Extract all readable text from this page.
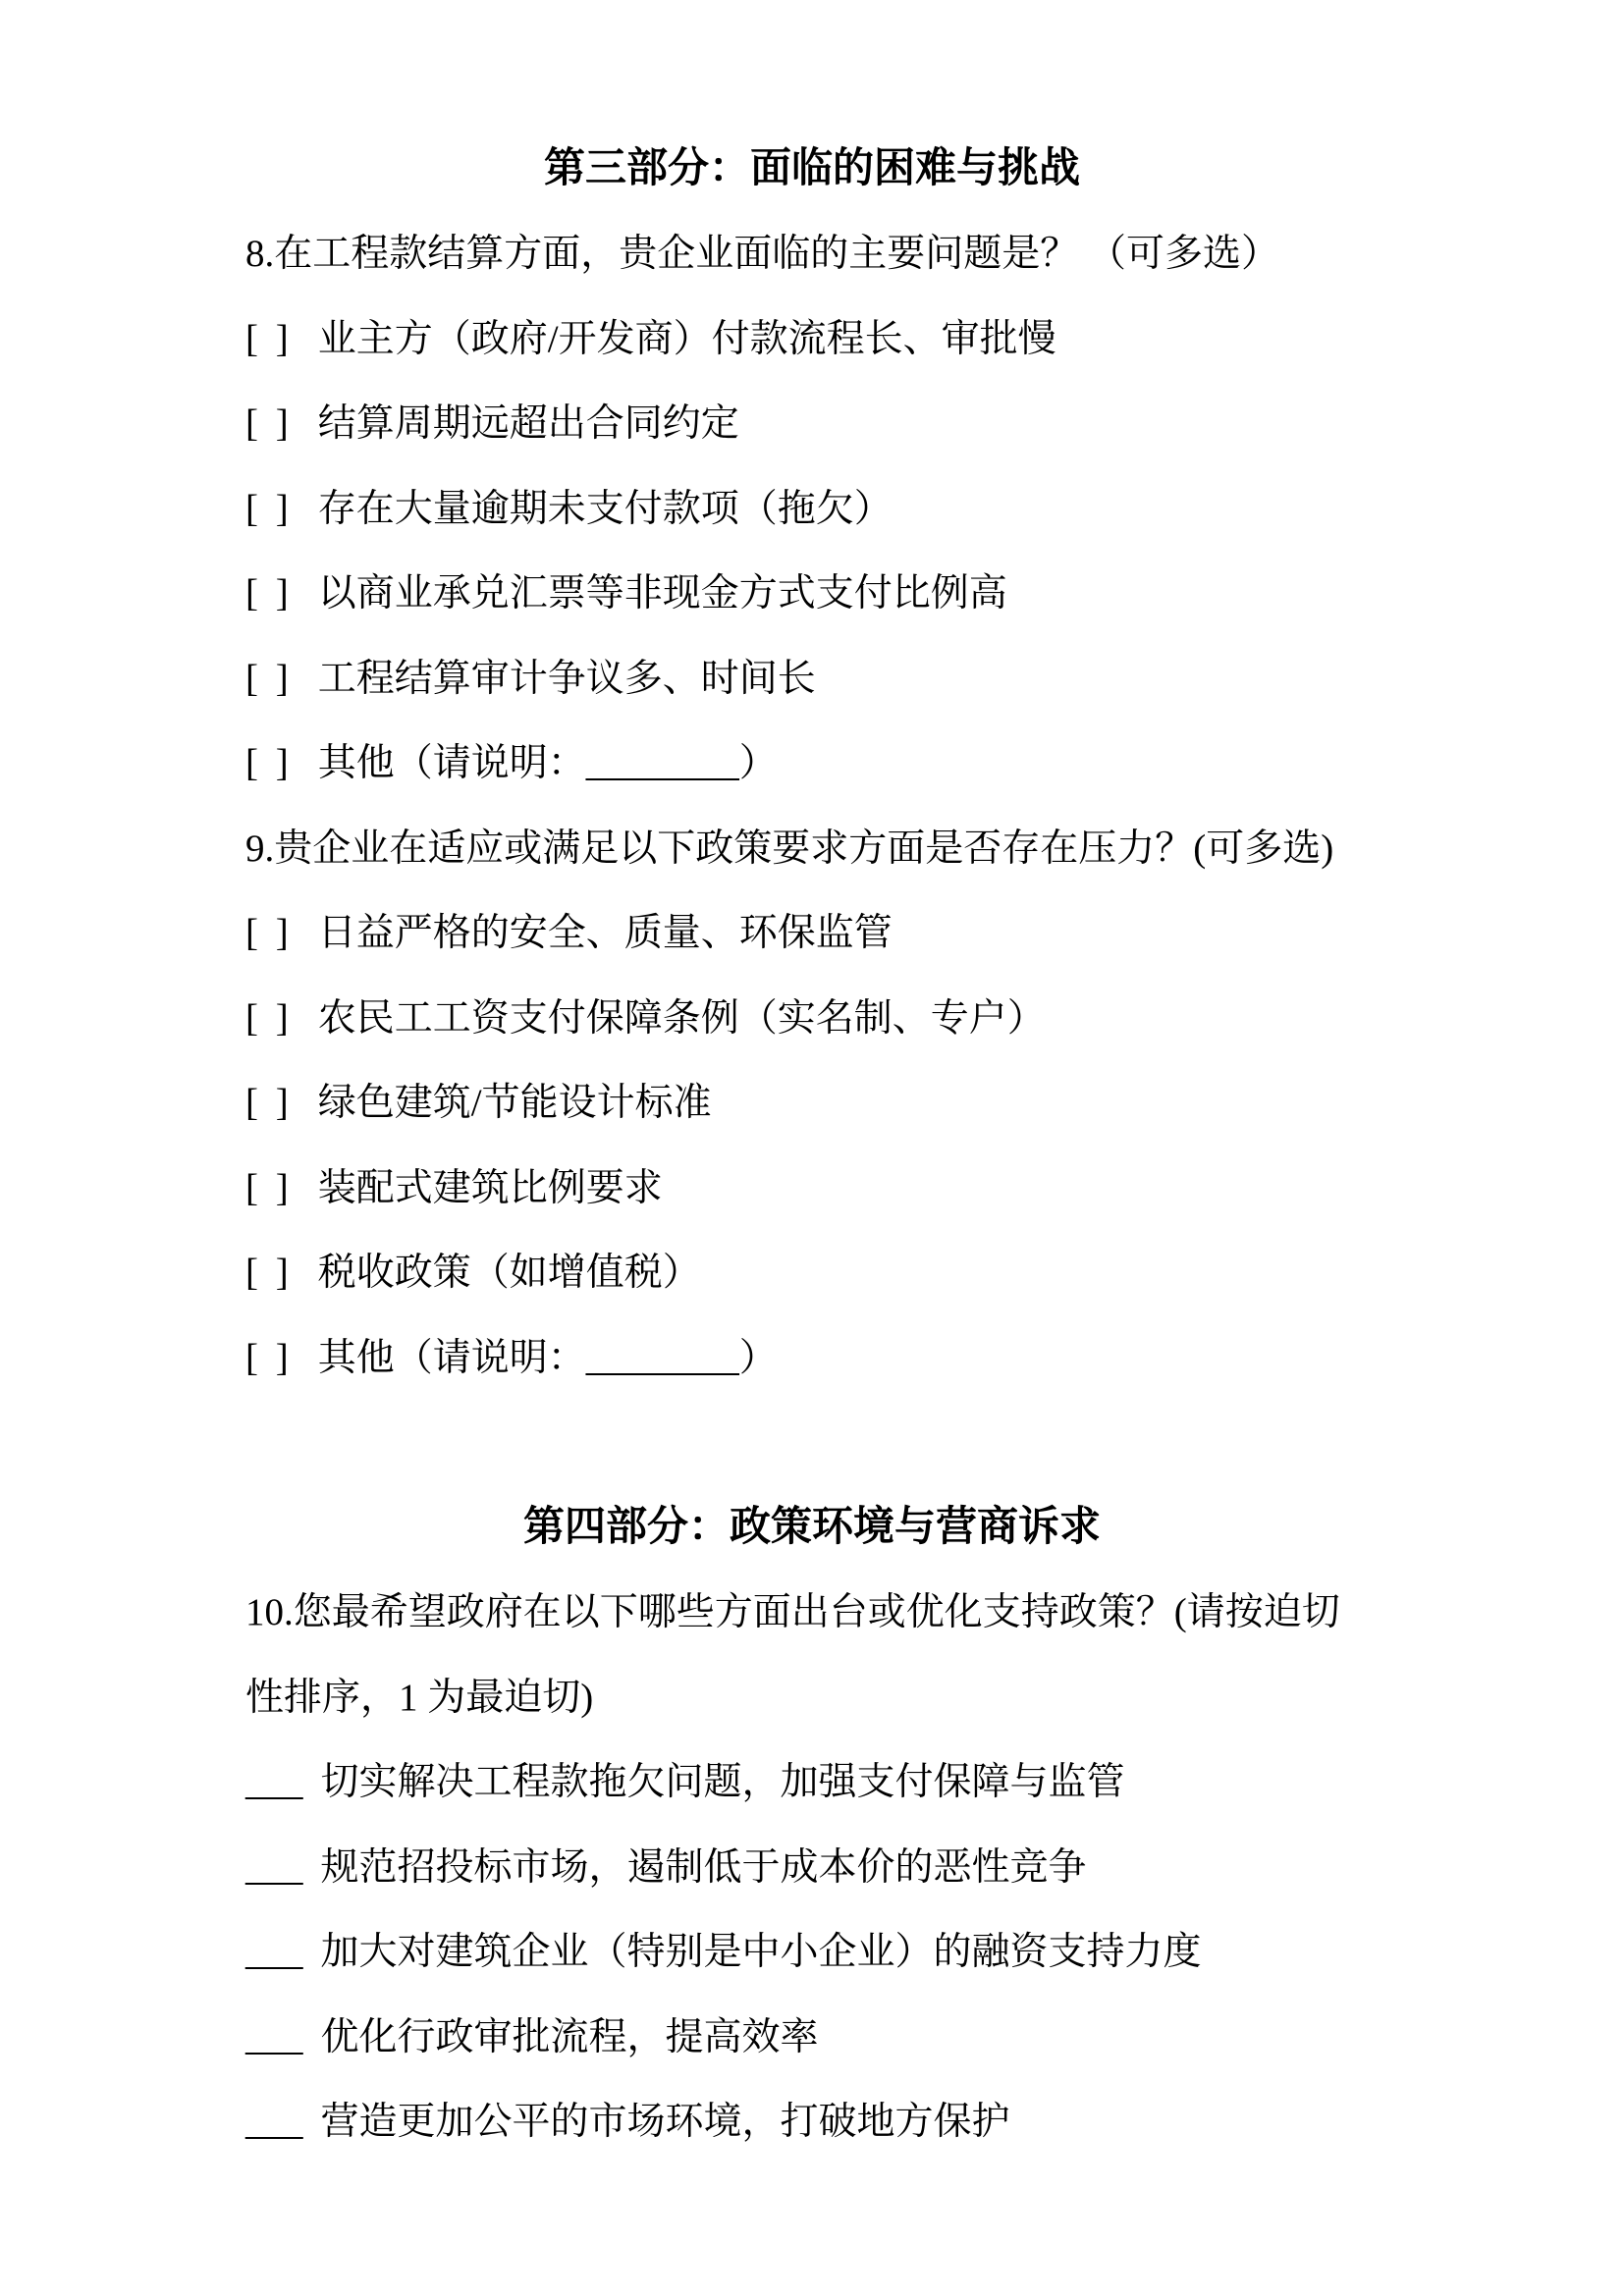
第三部分：面临的困难与挑战
8.在工程款结算方面，贵企业面临的主要问题是？ （可多选）
[ ] 业主方（政府/开发商）付款流程长、审批慢
[ ] 结算周期远超出合同约定
[ ] 存在大量逾期未支付款项（拖欠）
[ ] 以商业承兑汇票等非现金方式支付比例高
[ ] 工程结算审计争议多、时间长
[ ] 其他（请说明：________）
9.贵企业在适应或满足以下政策要求方面是否存在压力？(可多选)
[ ] 日益严格的安全、质量、环保监管
[ ] 农民工工资支付保障条例（实名制、专户）
[ ] 绿色建筑/节能设计标准
[ ] 装配式建筑比例要求
[ ] 税收政策（如增值税）
[ ] 其他（请说明：________）
第四部分：政策环境与营商诉求
10.您最希望政府在以下哪些方面出台或优化支持政策？(请按迫切
性排序，1 为最迫切)
___ 切实解决工程款拖欠问题，加强支付保障与监管
___ 规范招投标市场，遏制低于成本价的恶性竞争
___ 加大对建筑企业（特别是中小企业）的融资支持力度
___ 优化行政审批流程，提高效率
___ 营造更加公平的市场环境，打破地方保护
